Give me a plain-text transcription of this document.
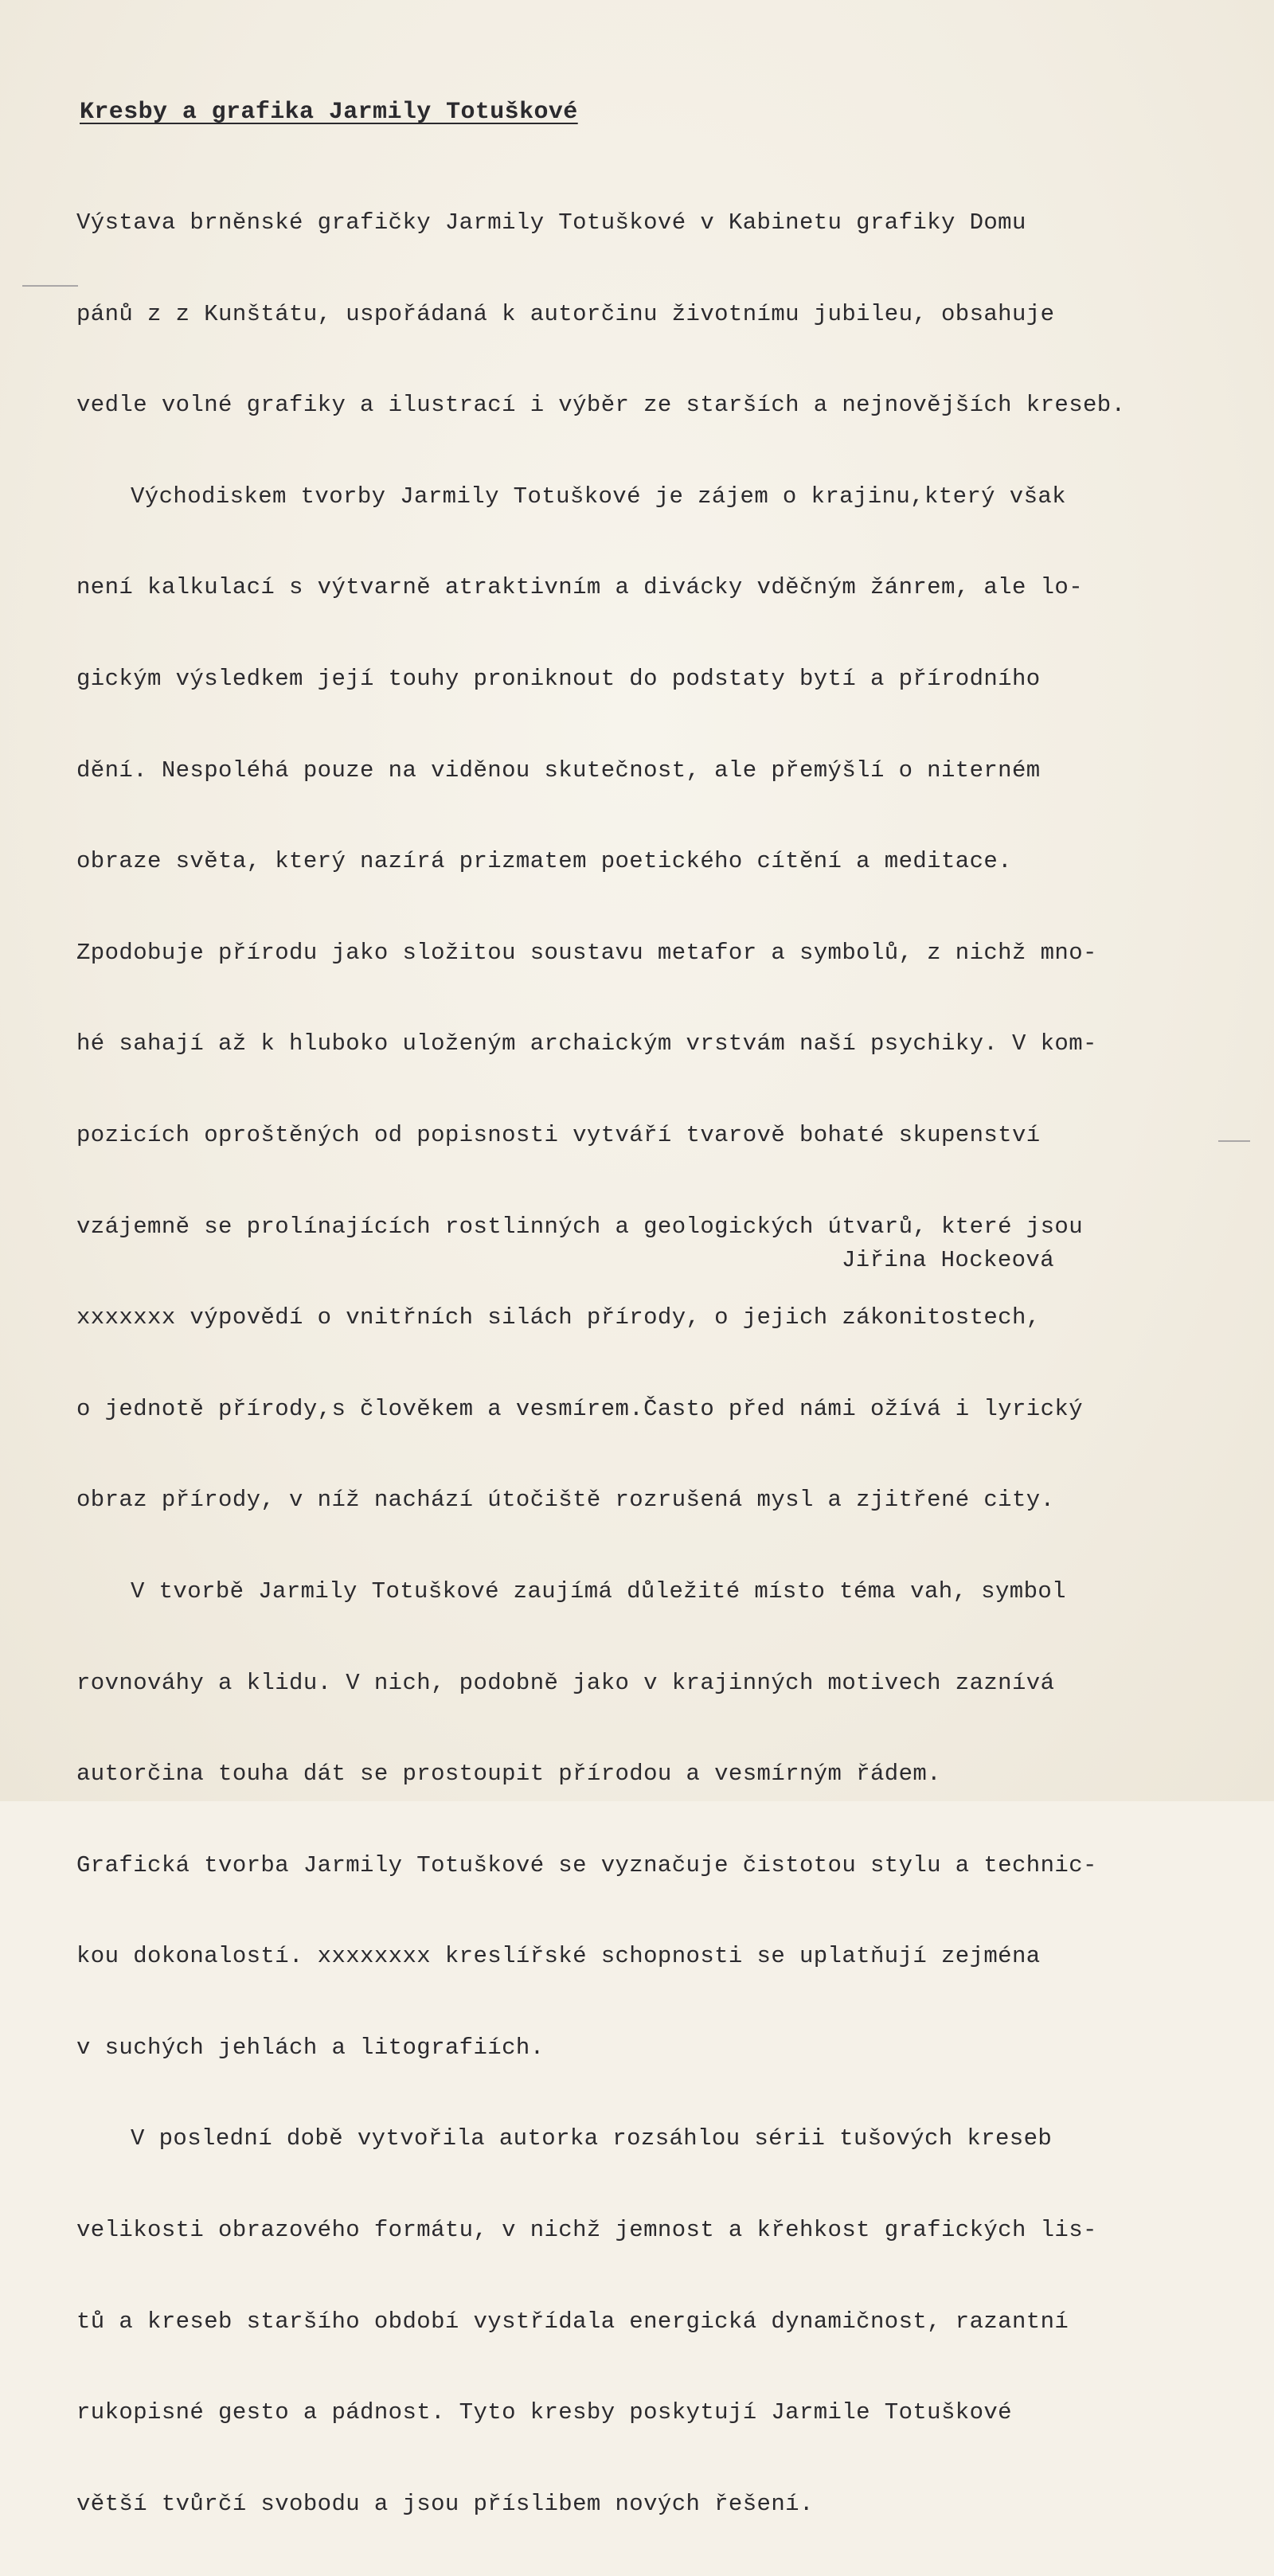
Kresby a grafika Jarmily Totuškové

Výstava brněnské grafičky Jarmily Totuškové v Kabinetu grafiky Domu

pánů z z Kunštátu, uspořádaná k autorčinu životnímu jubileu, obsahuje

vedle volné grafiky a ilustrací i výběr ze starších a nejnovějších kreseb.

Východiskem tvorby Jarmily Totuškové je zájem o krajinu,který však

není kalkulací s výtvarně atraktivním a divácky vděčným žánrem, ale lo-

gickým výsledkem její touhy proniknout do podstaty bytí a přírodního

dění. Nespoléhá pouze na viděnou skutečnost, ale přemýšlí o niterném

obraze světa, který nazírá prizmatem poetického cítění a meditace.

Zpodobuje přírodu jako složitou soustavu metafor a symbolů, z nichž mno-

hé sahají až k hluboko uloženým archaickým vrstvám naší psychiky. V kom-

pozicích oproštěných od popisnosti vytváří tvarově bohaté skupenství

vzájemně se prolínajících rostlinných a geologických útvarů, které jsou

xxxxxxx výpovědí o vnitřních silách přírody, o jejich zákonitostech,

o jednotě přírody,s člověkem a vesmírem.Často před námi ožívá i lyrický

obraz přírody, v níž nachází útočiště rozrušená mysl a zjitřené city.

V tvorbě Jarmily Totuškové zaujímá důležité místo téma vah, symbol

rovnováhy a klidu. V nich, podobně jako v krajinných motivech zaznívá

autorčina touha dát se prostoupit přírodou a vesmírným řádem.

Grafická tvorba Jarmily Totuškové se vyznačuje čistotou stylu a technic-

kou dokonalostí. xxxxxxxx kreslířské schopnosti se uplatňují zejména

v suchých jehlách a litografiích.

V poslední době vytvořila autorka rozsáhlou sérii tušových kreseb

velikosti obrazového formátu, v nichž jemnost a křehkost grafických lis-

tů a kreseb staršího období vystřídala energická dynamičnost, razantní

rukopisné gesto a pádnost. Tyto kresby poskytují Jarmile Totuškové

větší tvůrčí svobodu a jsou příslibem nových řešení.

Jiřina Hockeová
